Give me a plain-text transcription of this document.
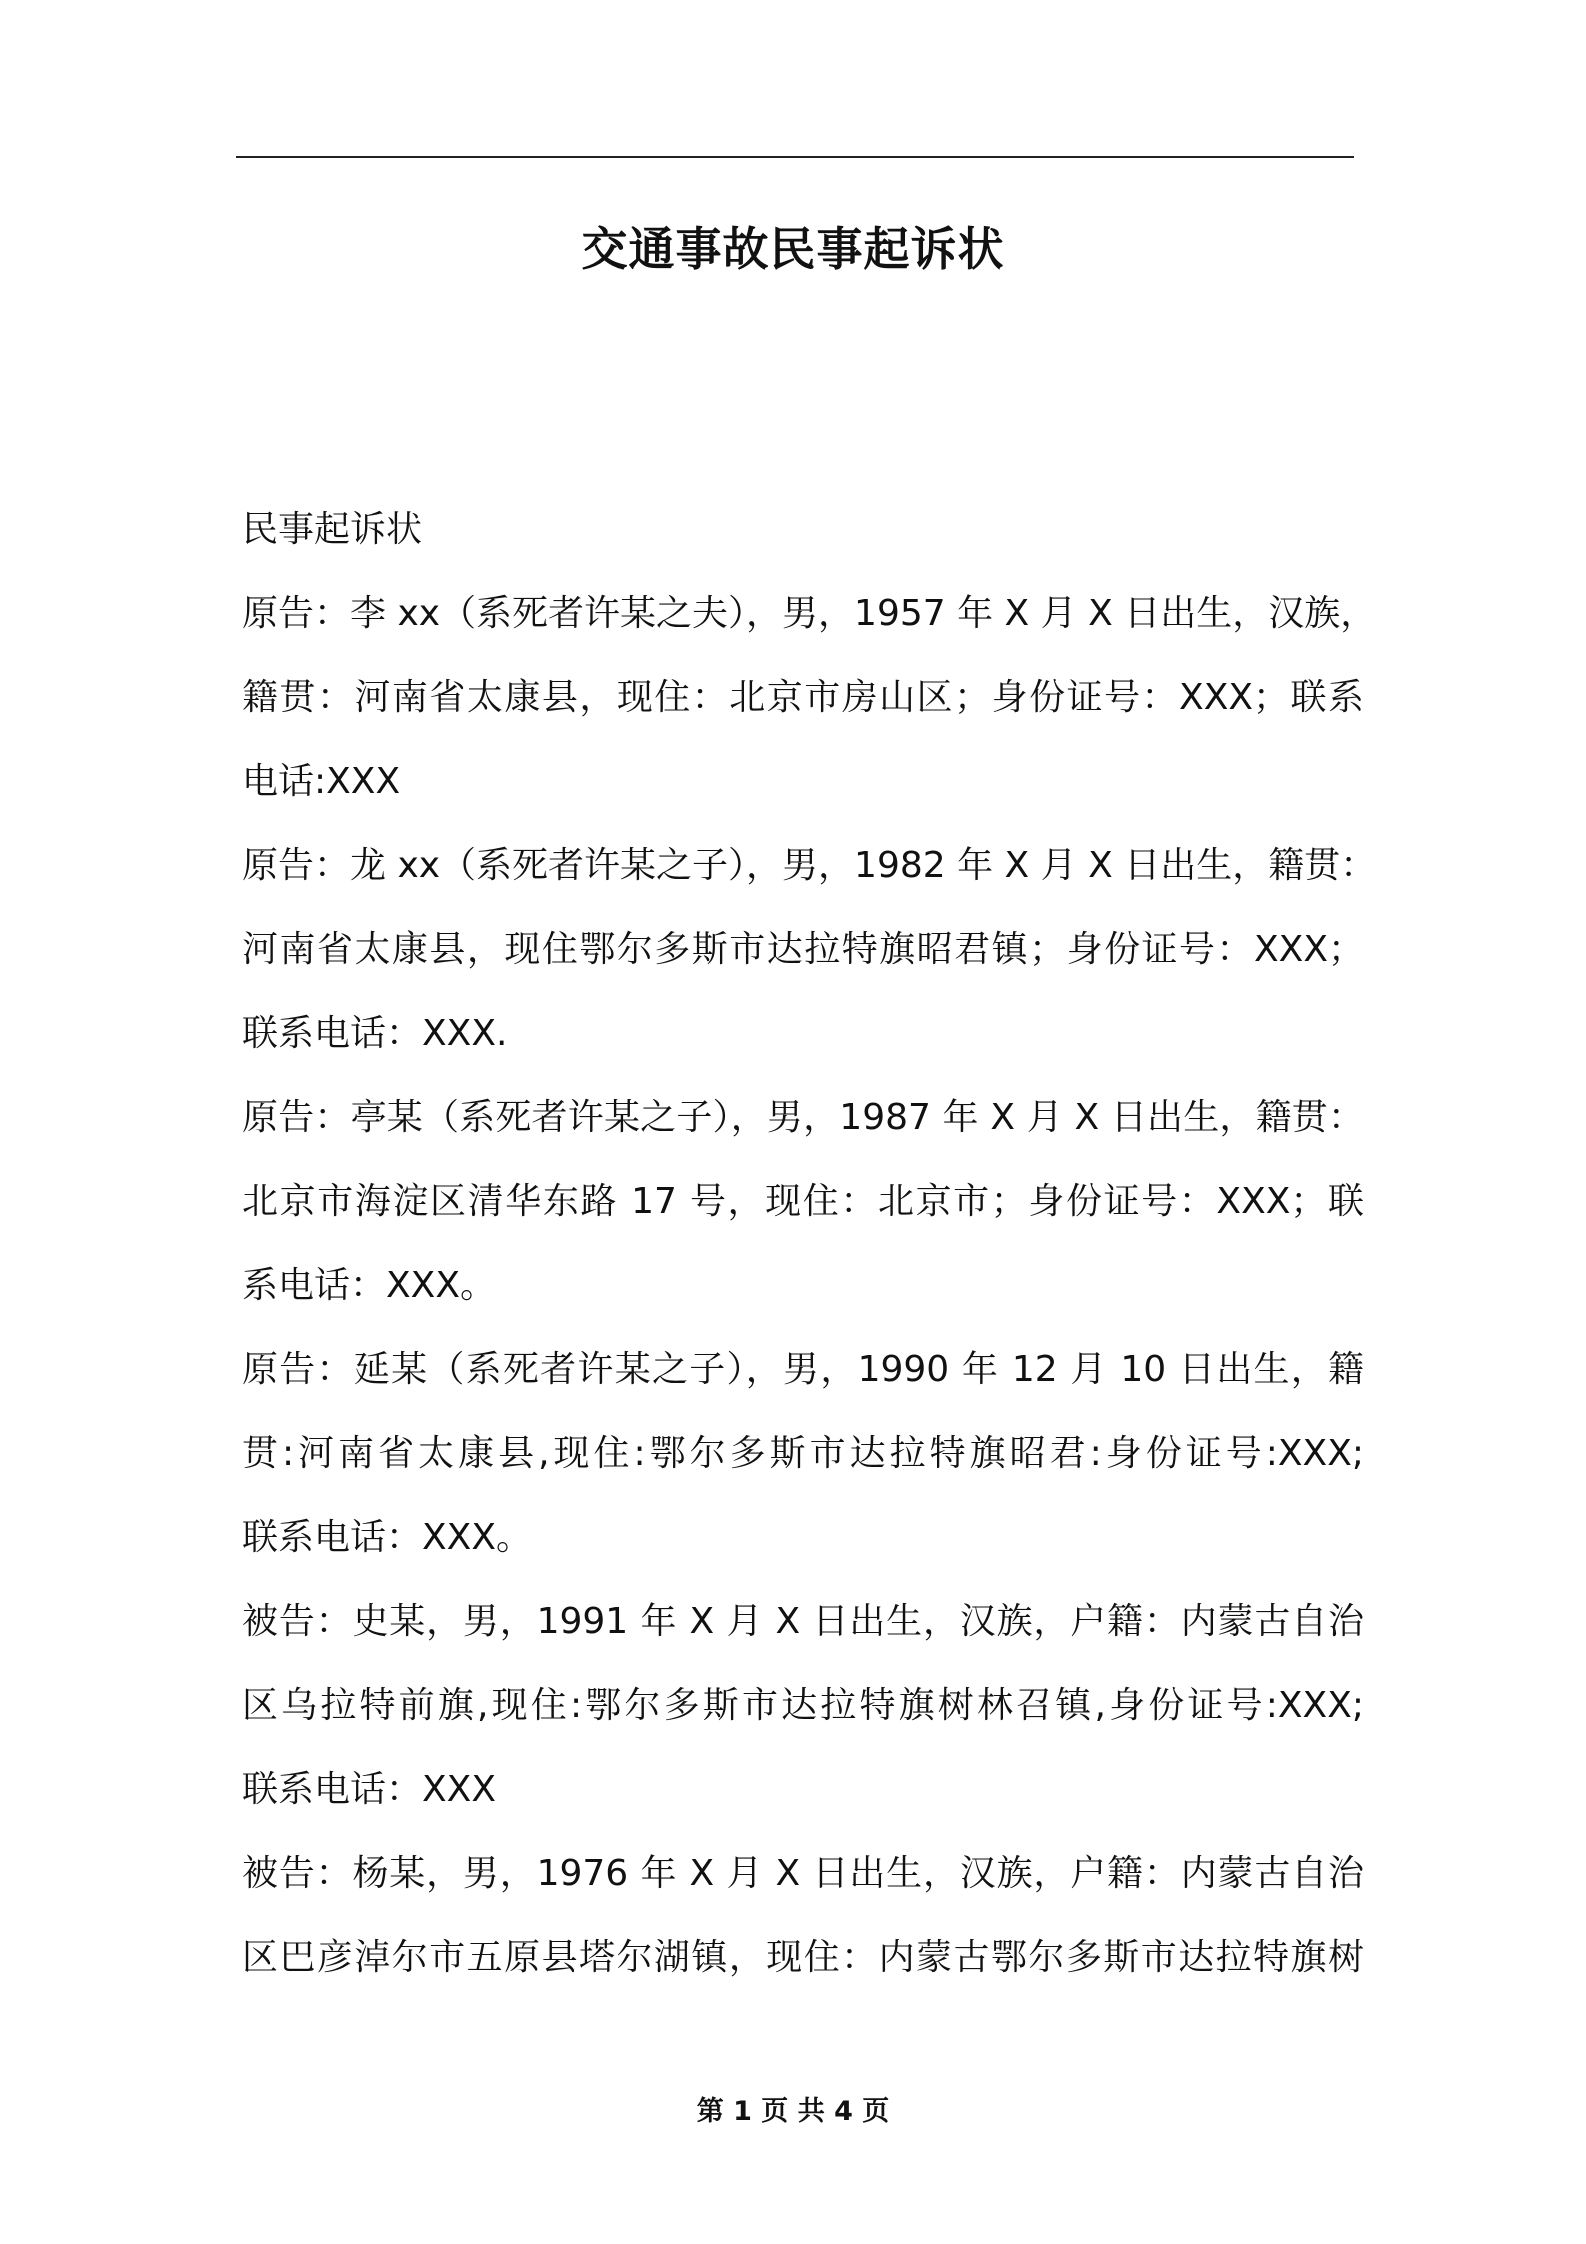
交通事故民事起诉状

民事起诉状

原告：李 xx（系死者许某之夫），男，1957 年 X 月 X 日出生，汉族，

籍贯：河南省太康县，现住：北京市房山区；身份证号：XXX；联系

电话:XXX

原告：龙 xx（系死者许某之子），男，1982 年 X 月 X 日出生，籍贯：

河南省太康县，现住鄂尔多斯市达拉特旗昭君镇；身份证号：XXX；

联系电话：XXX.

原告：亭某（系死者许某之子），男，1987 年 X 月 X 日出生，籍贯：

北京市海淀区清华东路 17 号，现住：北京市；身份证号：XXX；联

系电话：XXX。

原告：延某（系死者许某之子），男，1990 年 12 月 10 日出生，籍

贯:河南省太康县,现住:鄂尔多斯市达拉特旗昭君:身份证号:XXX;

联系电话：XXX。

被告：史某，男，1991 年 X 月 X 日出生，汉族，户籍：内蒙古自治

区乌拉特前旗,现住:鄂尔多斯市达拉特旗树林召镇,身份证号:XXX;

联系电话：XXX

被告：杨某，男，1976 年 X 月 X 日出生，汉族，户籍：内蒙古自治

区巴彦淖尔市五原县塔尔湖镇，现住：内蒙古鄂尔多斯市达拉特旗树

第 1 页 共 4 页
